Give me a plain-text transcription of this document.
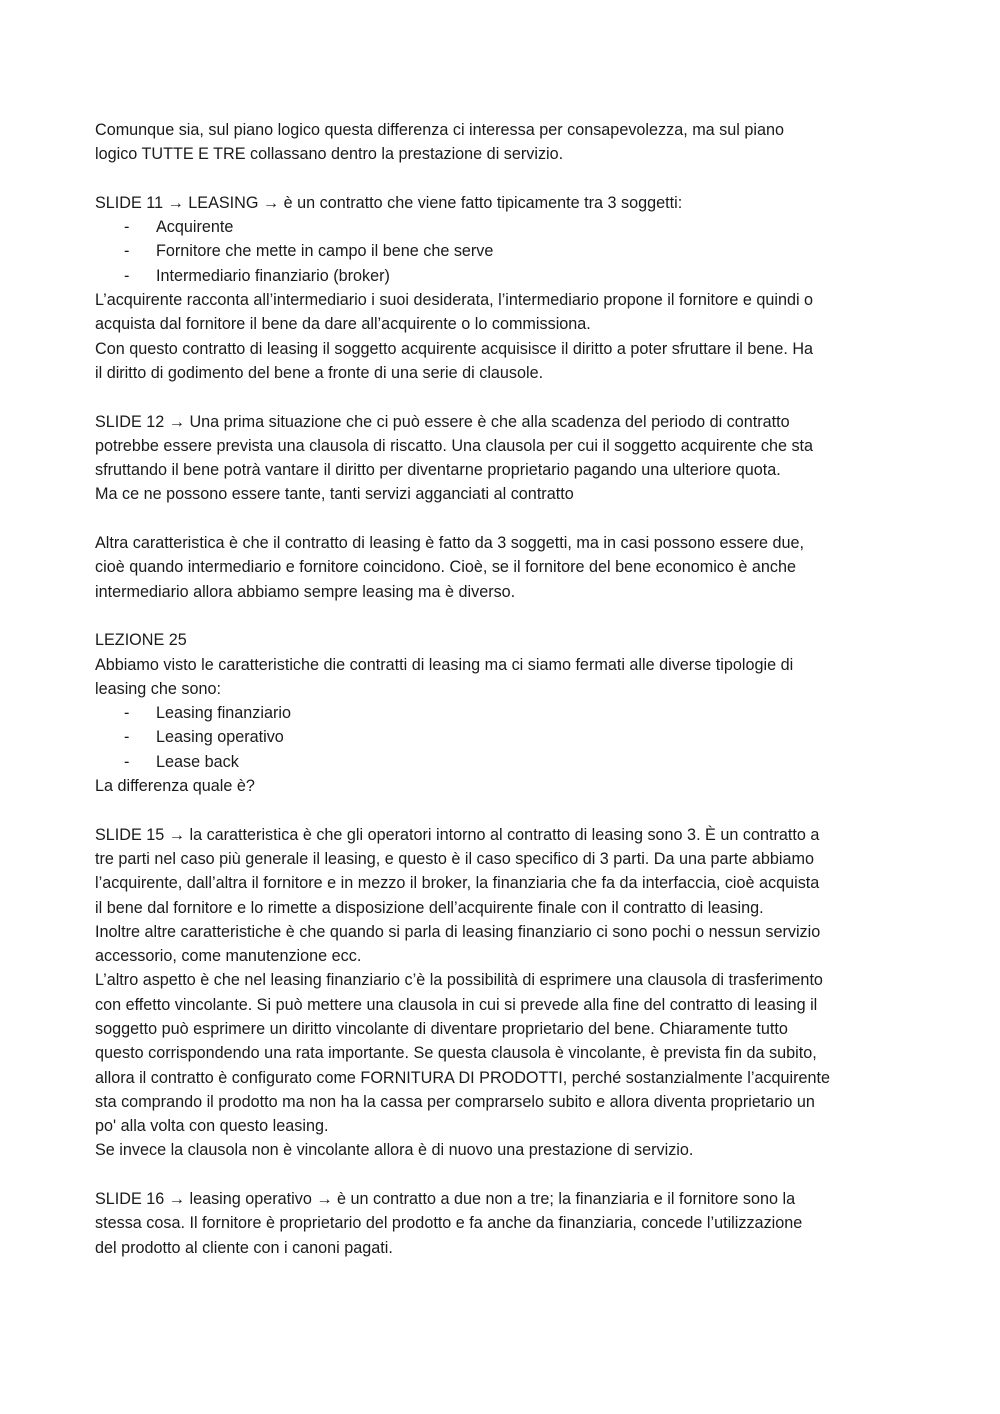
Comunque sia, sul piano logico questa differenza ci interessa per consapevolezza, ma sul piano
logico TUTTE E TRE collassano dentro la prestazione di servizio.
SLIDE 11 → LEASING → è un contratto che viene fatto tipicamente tra 3 soggetti:
- Acquirente
- Fornitore che mette in campo il bene che serve
- Intermediario finanziario (broker)
L’acquirente racconta all’intermediario i suoi desiderata, l’intermediario propone il fornitore e quindi o
acquista dal fornitore il bene da dare all’acquirente o lo commissiona.
Con questo contratto di leasing il soggetto acquirente acquisisce il diritto a poter sfruttare il bene. Ha
il diritto di godimento del bene a fronte di una serie di clausole.
SLIDE 12 → Una prima situazione che ci può essere è che alla scadenza del periodo di contratto
potrebbe essere prevista una clausola di riscatto. Una clausola per cui il soggetto acquirente che sta
sfruttando il bene potrà vantare il diritto per diventarne proprietario pagando una ulteriore quota.
Ma ce ne possono essere tante, tanti servizi agganciati al contratto
Altra caratteristica è che il contratto di leasing è fatto da 3 soggetti, ma in casi possono essere due,
cioè quando intermediario e fornitore coincidono. Cioè, se il fornitore del bene economico è anche
intermediario allora abbiamo sempre leasing ma è diverso.
LEZIONE 25
Abbiamo visto le caratteristiche die contratti di leasing ma ci siamo fermati alle diverse tipologie di
leasing che sono:
- Leasing finanziario
- Leasing operativo
- Lease back
La differenza quale è?
SLIDE 15 → la caratteristica è che gli operatori intorno al contratto di leasing sono 3. È un contratto a
tre parti nel caso più generale il leasing, e questo è il caso specifico di 3 parti. Da una parte abbiamo
l’acquirente, dall’altra il fornitore e in mezzo il broker, la finanziaria che fa da interfaccia, cioè acquista
il bene dal fornitore e lo rimette a disposizione dell’acquirente finale con il contratto di leasing.
Inoltre altre caratteristiche è che quando si parla di leasing finanziario ci sono pochi o nessun servizio
accessorio, come manutenzione ecc.
L’altro aspetto è che nel leasing finanziario c’è la possibilità di esprimere una clausola di trasferimento
con effetto vincolante. Si può mettere una clausola in cui si prevede alla fine del contratto di leasing il
soggetto può esprimere un diritto vincolante di diventare proprietario del bene. Chiaramente tutto
questo corrispondendo una rata importante. Se questa clausola è vincolante, è prevista fin da subito,
allora il contratto è configurato come FORNITURA DI PRODOTTI, perché sostanzialmente l’acquirente
sta comprando il prodotto ma non ha la cassa per comprarselo subito e allora diventa proprietario un
po' alla volta con questo leasing.
Se invece la clausola non è vincolante allora è di nuovo una prestazione di servizio.
SLIDE 16 → leasing operativo → è un contratto a due non a tre; la finanziaria e il fornitore sono la
stessa cosa. Il fornitore è proprietario del prodotto e fa anche da finanziaria, concede l’utilizzazione
del prodotto al cliente con i canoni pagati.
